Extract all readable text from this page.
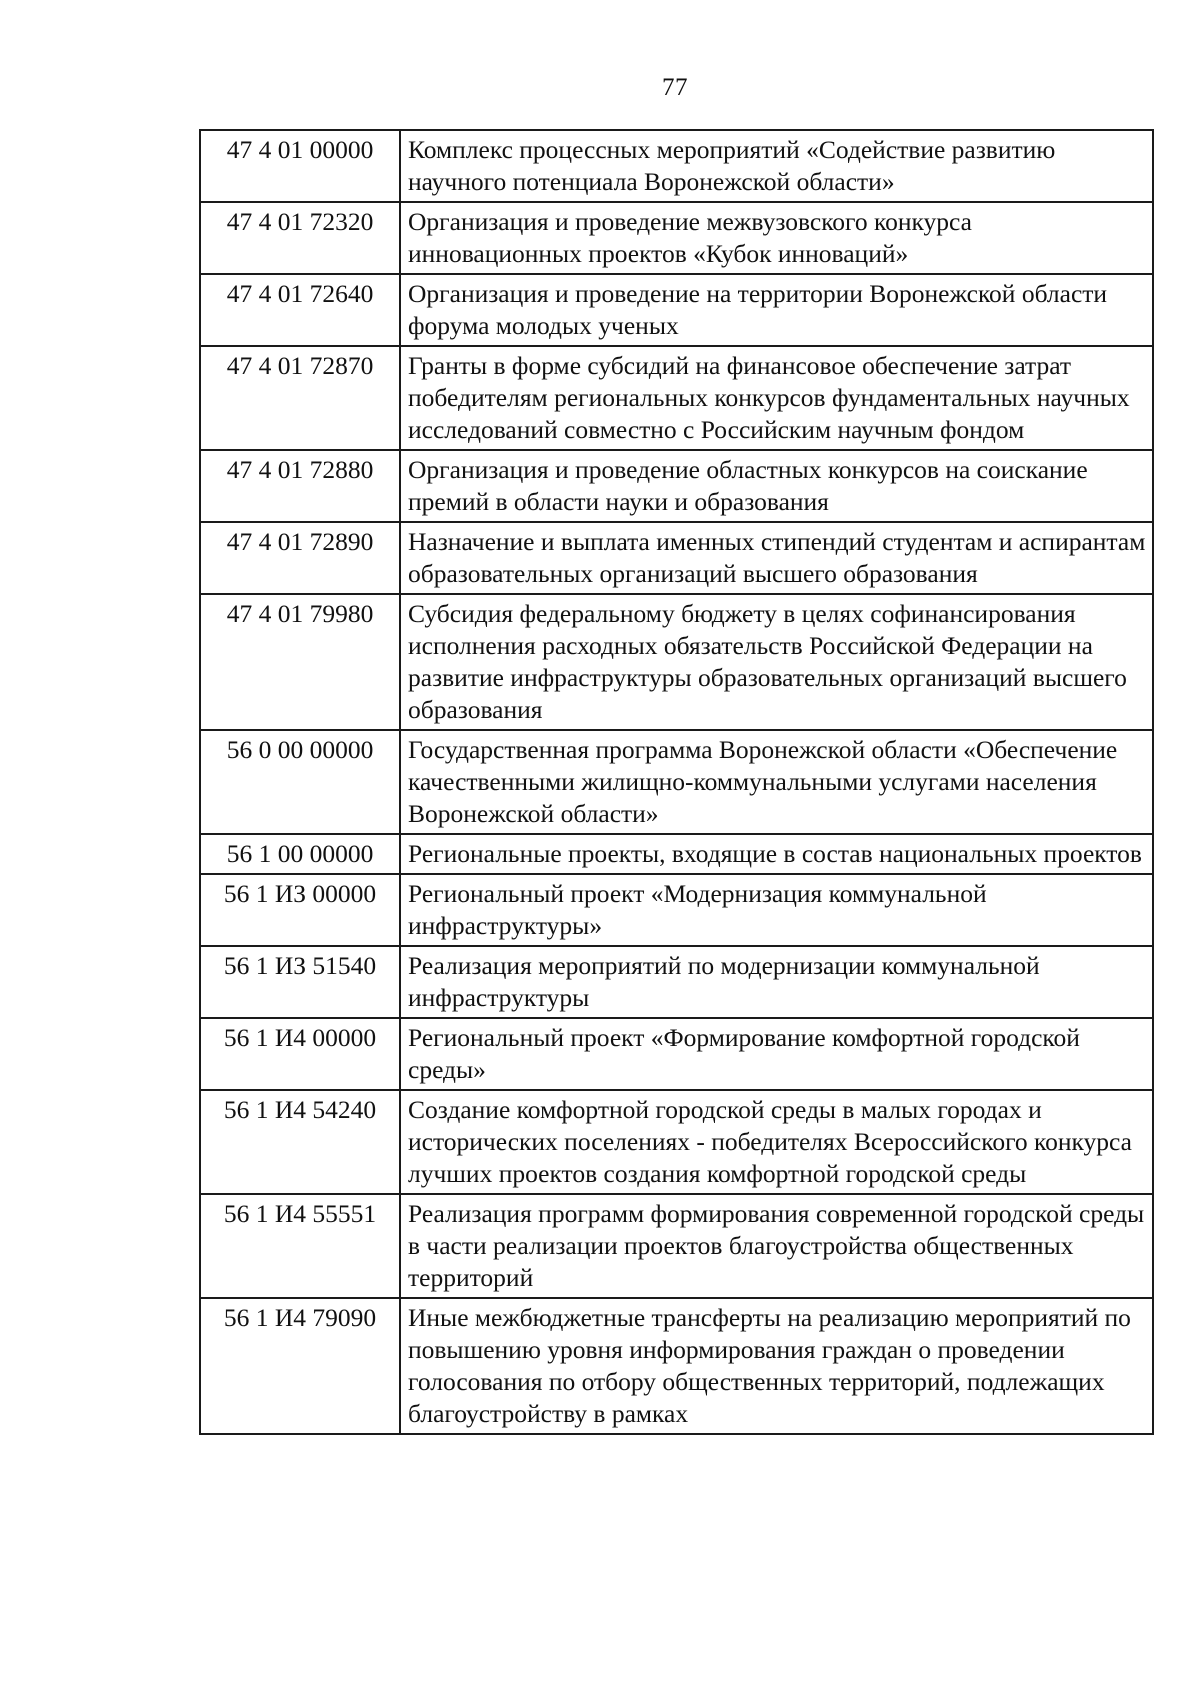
77
47 4 01 00000	Комплекс процессных мероприятий «Содействие развитию научного потенциала Воронежской области»
47 4 01 72320	Организация и проведение межвузовского конкурса инновационных проектов «Кубок инноваций»
47 4 01 72640	Организация и проведение на территории Воронежской области форума молодых ученых
47 4 01 72870	Гранты в форме субсидий на финансовое обеспечение затрат победителям региональных конкурсов фундаментальных научных исследований совместно с Российским научным фондом
47 4 01 72880	Организация и проведение областных конкурсов на соискание премий в области науки и образования
47 4 01 72890	Назначение и выплата именных стипендий студентам и аспирантам образовательных организаций высшего образования
47 4 01 79980	Субсидия федеральному бюджету в целях софинансирования исполнения расходных обязательств Российской Федерации на развитие инфраструктуры образовательных организаций высшего образования
56 0 00 00000	Государственная программа Воронежской области «Обеспечение качественными жилищно-коммунальными услугами населения Воронежской области»
56 1 00 00000	Региональные проекты, входящие в состав национальных проектов
56 1 ИЗ 00000	Региональный проект «Модернизация коммунальной инфраструктуры»
56 1 ИЗ 51540	Реализация мероприятий по модернизации коммунальной инфраструктуры
56 1 И4 00000	Региональный проект «Формирование комфортной городской среды»
56 1 И4 54240	Создание комфортной городской среды в малых городах и исторических поселениях - победителях Всероссийского конкурса лучших проектов создания комфортной городской среды
56 1 И4 55551	Реализация программ формирования современной городской среды в части реализации проектов благоустройства общественных территорий
56 1 И4 79090	Иные межбюджетные трансферты на реализацию мероприятий по повышению уровня информирования граждан о проведении голосования по отбору общественных территорий, подлежащих благоустройству в рамках
